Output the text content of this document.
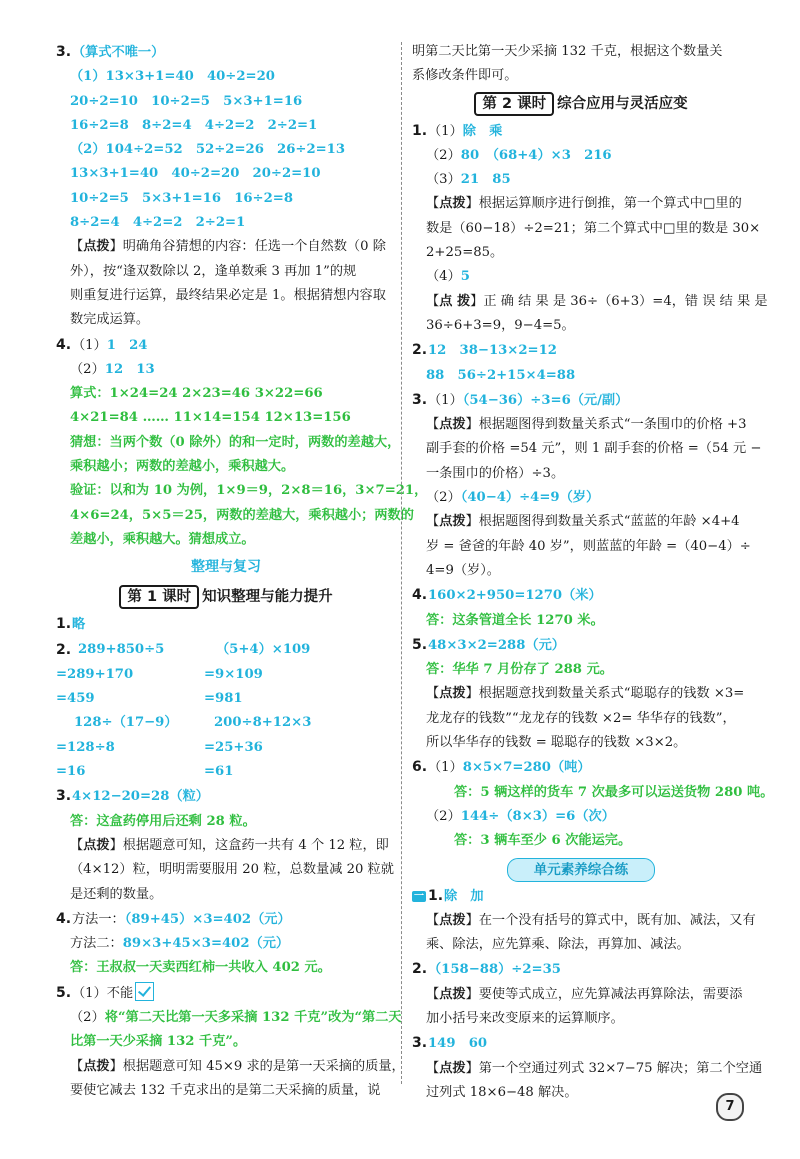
3.（算式不唯一）
（1）13×3+1=40　40÷2=20
20÷2=10　10÷2=5　5×3+1=16
16÷2=8　8÷2=4　4÷2=2　2÷2=1
（2）104÷2=52　52÷2=26　26÷2=13
13×3+1=40　40÷2=20　20÷2=10
10÷2=5　5×3+1=16　16÷2=8
8÷2=4　4÷2=2　2÷2=1
【 点拨 】 明确角谷猜想的内容：任选一个自然数（0 除
外），按“逢双数除以 2，逢单数乘 3 再加 1”的规
则重复进行运算，最终结果必定是 1。根据猜想内容取
数完成运算。
4.（1）1　24
（2）12　13
算式：1×24=24 2×23=46 3×22=66
4×21=84 …… 11×14=154 12×13=156
猜想：当两个数（0 除外）的和一定时，两数的差越大，
乘积越小；两数的差越小，乘积越大。
验证：以和为 10 为例，1×9＝9，2×8＝16，3×7=21，
4×6=24，5×5＝25，两数的差越大，乘积越小；两数的
差越小，乘积越大。猜想成立。
整理与复习
第 1 课时 知识整理与能力提升
1.略
2. 289+850÷5	（5+4）×109
=289+170	=9×109
=459	=981
128÷（17−9）	200÷8+12×3
=128÷8	=25+36
=16	=61
3.4×12−20=28（粒）
答：这盒药停用后还剩 28 粒。
【 点拨 】 根据题意可知，这盒药一共有 4 个 12 粒，即
（4×12）粒，明明需要服用 20 粒，总数量减 20 粒就
是还剩的数量。
4.方法一：（89+45）×3=402（元）
方法二：89×3+45×3=402（元）
答：王叔叔一天卖西红柿一共收入 402 元。
5.（1）不能
（2）将“第二天比第一天多采摘 132 千克”改为“第二天
比第一天少采摘 132 千克”。
【 点拨 】 根据题意可知 45×9 求的是第一天采摘的质量，
要使它减去 132 千克求出的是第二天采摘的质量，说
明第二天比第一天少采摘 132 千克，根据这个数量关
系修改条件即可。
第 2 课时 综合应用与灵活应变
1.（1）除　乘
（2）80　（68+4）×3　216
（3）21　85
【 点拨 】 根据运算顺序进行倒推，第一个算式中□里的
数是（60−18）÷2=21；第二个算式中□里的数是 30×
2+25=85。
（4）5
【 点 拨 】 正 确 结 果 是 36÷（6+3）=4，错 误 结 果 是
36÷6+3=9，9−4=5。
2.12　38−13×2=12
88　56÷2+15×4=88
3.（1）（54−36）÷3=6（元/副）
【 点拨 】 根据题图得到数量关系式“一条围巾的价格 +3
副手套的价格 =54 元”，则 1 副手套的价格 =（54 元 −
一条围巾的价格）÷3。
（2）（40−4）÷4=9（岁）
【 点拨 】 根据题图得到数量关系式“蓝蓝的年龄 ×4+4
岁 = 爸爸的年龄 40 岁”，则蓝蓝的年龄 =（40−4）÷
4=9（岁）。
4.160×2+950=1270（米）
答：这条管道全长 1270 米。
5.48×3×2=288（元）
答：华华 7 月份存了 288 元。
【 点拨 】 根据题意找到数量关系式“聪聪存的钱数 ×3=
龙龙存的钱数”“龙龙存的钱数 ×2= 华华存的钱数”，
所以华华存的钱数 = 聪聪存的钱数 ×3×2。
6.（1）8×5×7=280（吨）
答：5 辆这样的货车 7 次最多可以运送货物 280 吨。
（2）144÷（8×3）=6（次）
答：3 辆车至少 6 次能运完。
单元素养综合练
一 1.除　加
【 点拨 】 在一个没有括号的算式中，既有加、减法，又有
乘、除法，应先算乘、除法，再算加、减法。
2.（158−88）÷2=35
【 点拨 】 要使等式成立，应先算减法再算除法，需要添
加小括号来改变原来的运算顺序。
3.149　60
【 点拨 】 第一个空通过列式 32×7−75 解决；第二个空通
过列式 18×6−48 解决。
7
